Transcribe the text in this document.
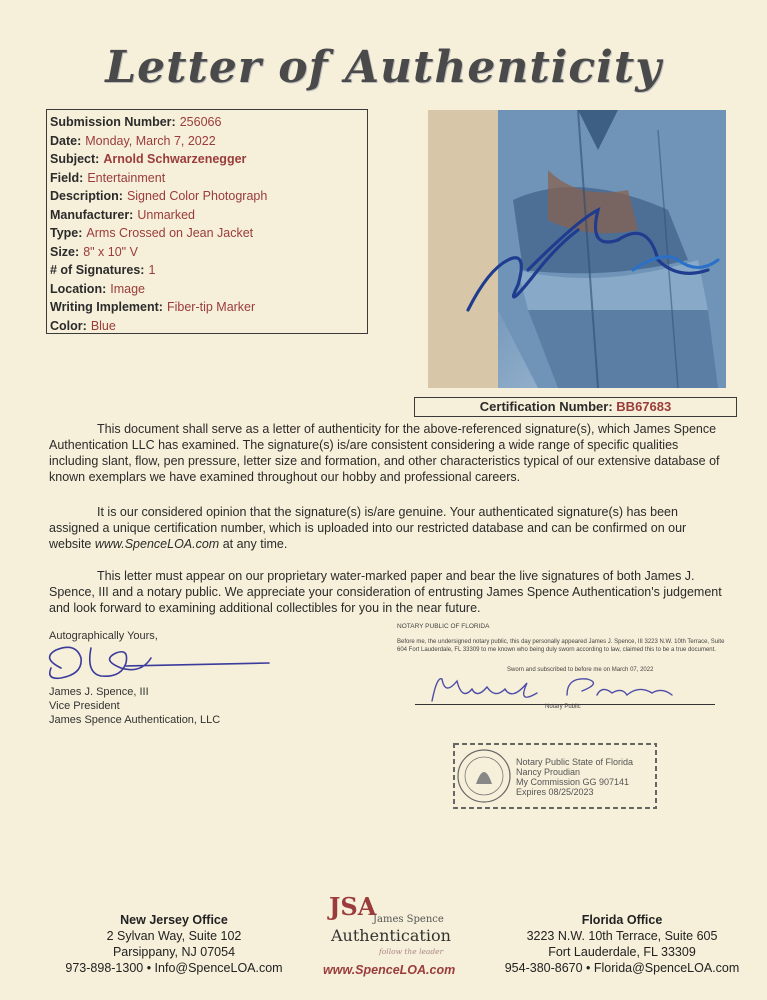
Letter of Authenticity
Submission Number: 256066
Date: Monday, March 7, 2022
Subject: Arnold Schwarzenegger
Field: Entertainment
Description: Signed Color Photograph
Manufacturer: Unmarked
Type: Arms Crossed on Jean Jacket
Size: 8" x 10" V
# of Signatures: 1
Location: Image
Writing Implement: Fiber-tip Marker
Color: Blue
Certification Number: BB67683
This document shall serve as a letter of authenticity for the above-referenced signature(s), which James Spence Authentication LLC has examined. The signature(s) is/are consistent considering a wide range of specific qualities including slant, flow, pen pressure, letter size and formation, and other characteristics typical of our extensive database of known exemplars we have examined throughout our hobby and professional careers.
It is our considered opinion that the signature(s) is/are genuine. Your authenticated signature(s) has been assigned a unique certification number, which is uploaded into our restricted database and can be confirmed on our website www.SpenceLOA.com at any time.
This letter must appear on our proprietary water-marked paper and bear the live signatures of both James J. Spence, III and a notary public. We appreciate your consideration of entrusting James Spence Authentication's judgement and look forward to examining additional collectibles for you in the near future.
Autographically Yours,
James J. Spence, III
Vice President
James Spence Authentication, LLC
NOTARY PUBLIC OF FLORIDA
Before me, the undersigned notary public, this day personally appeared James J. Spence, III 3223 N.W. 10th Terrace, Suite 604 Fort Lauderdale, FL 33309 to me known who being duly sworn according to law, claimed this to be a true document.
Sworn and subscribed to before me on March 07, 2022
Notary Public
Notary Public State of Florida
Nancy Proudian
My Commission GG 907141
Expires 08/25/2023
New Jersey Office
2 Sylvan Way, Suite 102
Parsippany, NJ 07054
973-898-1300 • Info@SpenceLOA.com
JSA
James Spence
Authentication
follow the leader
www.SpenceLOA.com
Florida Office
3223 N.W. 10th Terrace, Suite 605
Fort Lauderdale, FL 33309
954-380-8670 • Florida@SpenceLOA.com
